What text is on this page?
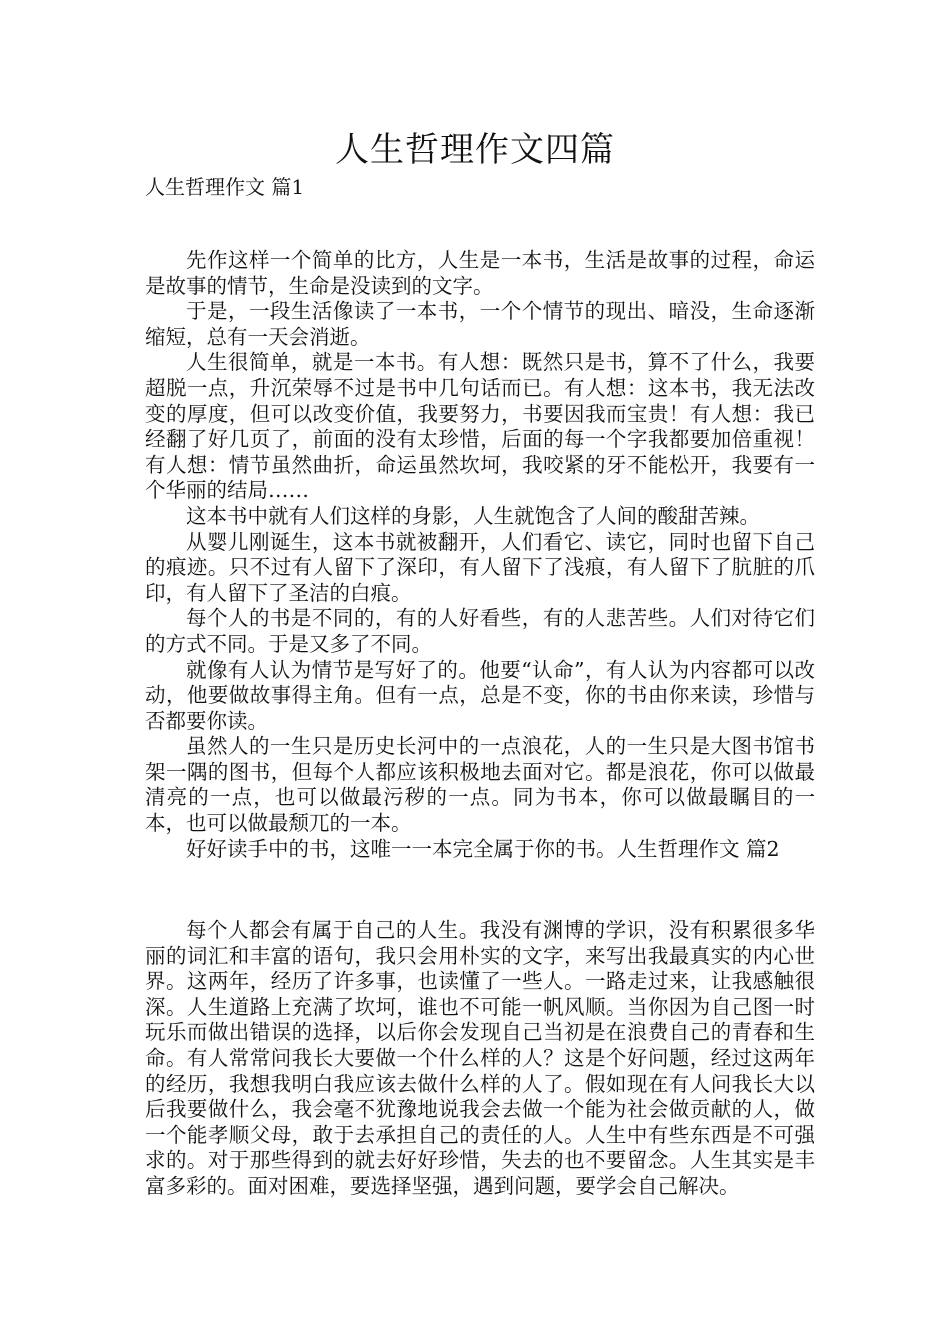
人生哲理作文四篇
人生哲理作文 篇1

先作这样一个简单的比方，人生是一本书，生活是故事的过程，命运是故事的情节，生命是没读到的文字。

于是，一段生活像读了一本书，一个个情节的现出、暗没，生命逐渐缩短，总有一天会消逝。

人生很简单，就是一本书。有人想：既然只是书，算不了什么，我要超脱一点，升沉荣辱不过是书中几句话而已。有人想：这本书，我无法改变的厚度，但可以改变价值，我要努力，书要因我而宝贵！有人想：我已经翻了好几页了，前面的没有太珍惜，后面的每一个字我都要加倍重视！有人想：情节虽然曲折，命运虽然坎坷，我咬紧的牙不能松开，我要有一个华丽的结局……

这本书中就有人们这样的身影，人生就饱含了人间的酸甜苦辣。

从婴儿刚诞生，这本书就被翻开，人们看它、读它，同时也留下自己的痕迹。只不过有人留下了深印，有人留下了浅痕，有人留下了肮脏的爪印，有人留下了圣洁的白痕。

每个人的书是不同的，有的人好看些，有的人悲苦些。人们对待它们的方式不同。于是又多了不同。

就像有人认为情节是写好了的。他要“认命”，有人认为内容都可以改动，他要做故事得主角。但有一点，总是不变，你的书由你来读，珍惜与否都要你读。

虽然人的一生只是历史长河中的一点浪花，人的一生只是大图书馆书架一隅的图书，但每个人都应该积极地去面对它。都是浪花，你可以做最清亮的一点，也可以做最污秽的一点。同为书本，你可以做最瞩目的一本，也可以做最颓兀的一本。

好好读手中的书，这唯一一本完全属于你的书。人生哲理作文 篇2

每个人都会有属于自己的人生。我没有渊博的学识，没有积累很多华丽的词汇和丰富的语句，我只会用朴实的文字，来写出我最真实的内心世界。这两年，经历了许多事，也读懂了一些人。一路走过来，让我感触很深。人生道路上充满了坎坷，谁也不可能一帆风顺。当你因为自己图一时玩乐而做出错误的选择，以后你会发现自己当初是在浪费自己的青春和生命。有人常常问我长大要做一个什么样的人？这是个好问题，经过这两年的经历，我想我明白我应该去做什么样的人了。假如现在有人问我长大以后我要做什么，我会毫不犹豫地说我会去做一个能为社会做贡献的人，做一个能孝顺父母，敢于去承担自己的责任的人。人生中有些东西是不可强求的。对于那些得到的就去好好珍惜，失去的也不要留念。人生其实是丰富多彩的。面对困难，要选择坚强，遇到问题，要学会自己解决。
